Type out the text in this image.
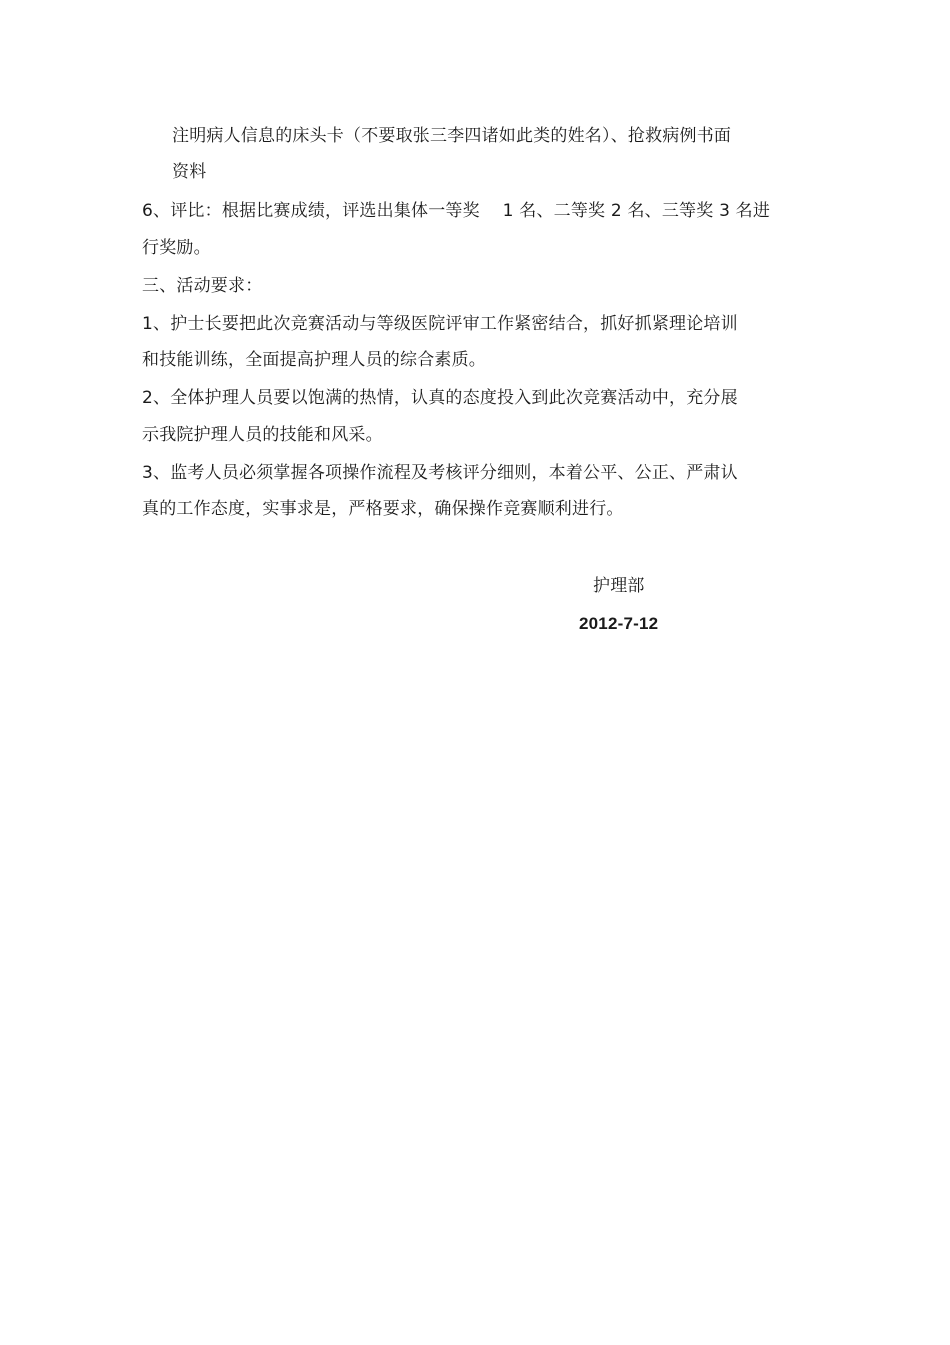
注明病人信息的床头卡（不要取张三李四诸如此类的姓名）、抢救病例书面
资料
6、评比：根据比赛成绩，评选出集体一等奖　 1 名、二等奖 2 名、三等奖 3 名进
行奖励。
三、活动要求：
1、护士长要把此次竞赛活动与等级医院评审工作紧密结合，抓好抓紧理论培训
和技能训练，全面提高护理人员的综合素质。
2、全体护理人员要以饱满的热情，认真的态度投入到此次竞赛活动中，充分展
示我院护理人员的技能和风采。
3、监考人员必须掌握各项操作流程及考核评分细则，本着公平、公正、严肃认
真的工作态度，实事求是，严格要求，确保操作竞赛顺利进行。
护理部
2012-7-12
